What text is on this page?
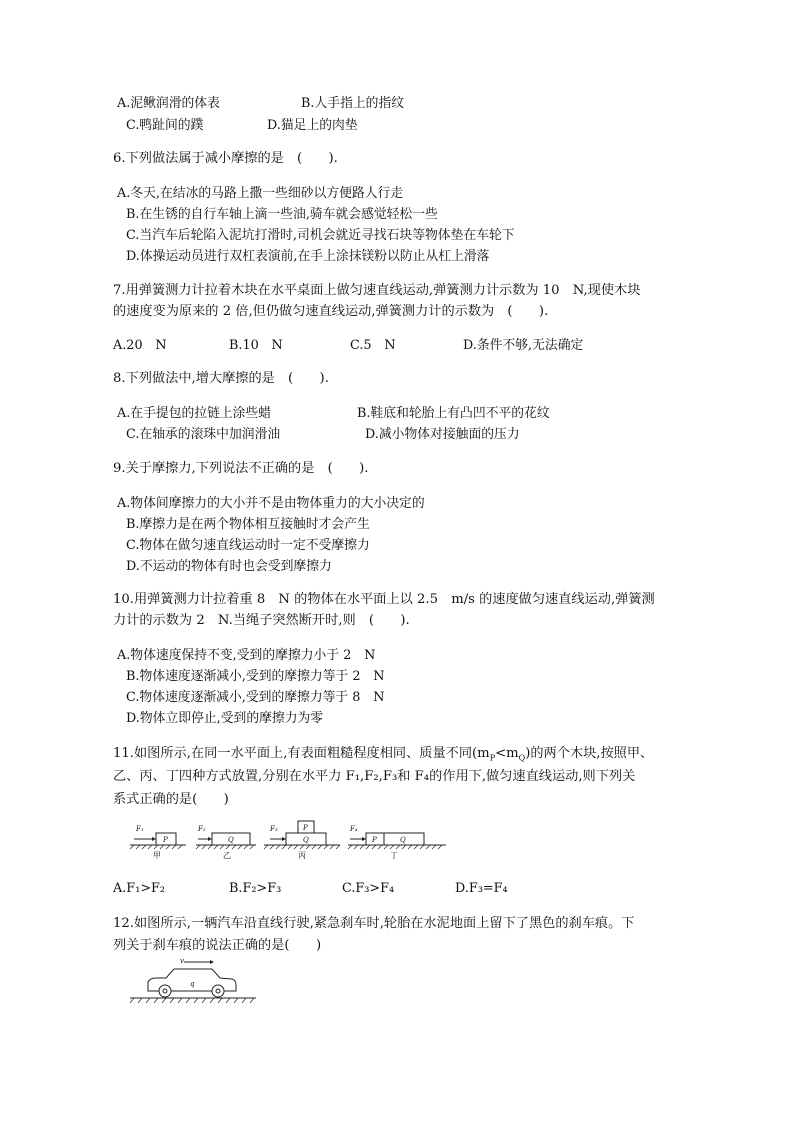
A.泥鳅润滑的体表	B.人手指上的指纹
C.鸭趾间的蹼	D.猫足上的肉垫
6.下列做法属于减小摩擦的是　(　　).
A.冬天,在结冰的马路上撒一些细砂以方便路人行走
B.在生锈的自行车轴上滴一些油,骑车就会感觉轻松一些
C.当汽车后轮陷入泥坑打滑时,司机会就近寻找石块等物体垫在车轮下
D.体操运动员进行双杠表演前,在手上涂抹镁粉以防止从杠上滑落
7.用弹簧测力计拉着木块在水平桌面上做匀速直线运动,弹簧测力计示数为 10　N,现使木块
的速度变为原来的 2 倍,但仍做匀速直线运动,弹簧测力计的示数为　(　　).
A.20　N	B.10　N	C.5　N	D.条件不够,无法确定
8.下列做法中,增大摩擦的是　(　　).
A.在手提包的拉链上涂些蜡	B.鞋底和轮胎上有凸凹不平的花纹
C.在轴承的滚珠中加润滑油	D.减小物体对接触面的压力
9.关于摩擦力,下列说法不正确的是　(　　).
A.物体间摩擦力的大小并不是由物体重力的大小决定的
B.摩擦力是在两个物体相互接触时才会产生
C.物体在做匀速直线运动时一定不受摩擦力
D.不运动的物体有时也会受到摩擦力
10.用弹簧测力计拉着重 8　N 的物体在水平面上以 2.5　m/s 的速度做匀速直线运动,弹簧测
力计的示数为 2　N.当绳子突然断开时,则　(　　).
A.物体速度保持不变,受到的摩擦力小于 2　N
B.物体速度逐渐减小,受到的摩擦力等于 2　N
C.物体速度逐渐减小,受到的摩擦力等于 8　N
D.物体立即停止,受到的摩擦力为零
11.如图所示,在同一水平面上,有表面粗糙程度相同、质量不同$(m_P<m_Q)$的两个木块,按照甲、
乙、丙、丁四种方式放置,分别在水平力 F₁,F₂,F₃和 F₄的作用下,做匀速直线运动,则下列关
系式正确的是(　　)
F₁	F₂	F₃	F₄
P	Q
P
Q	P	Q
甲	乙	丙	丁
A.F₁>F₂	B.F₂>F₃	C.F₃>F₄	D.F₃=F₄
12.如图所示,一辆汽车沿直线行驶,紧急刹车时,轮胎在水泥地面上留下了黑色的刹车痕。下
列关于刹车痕的说法正确的是(　　)
v
q
